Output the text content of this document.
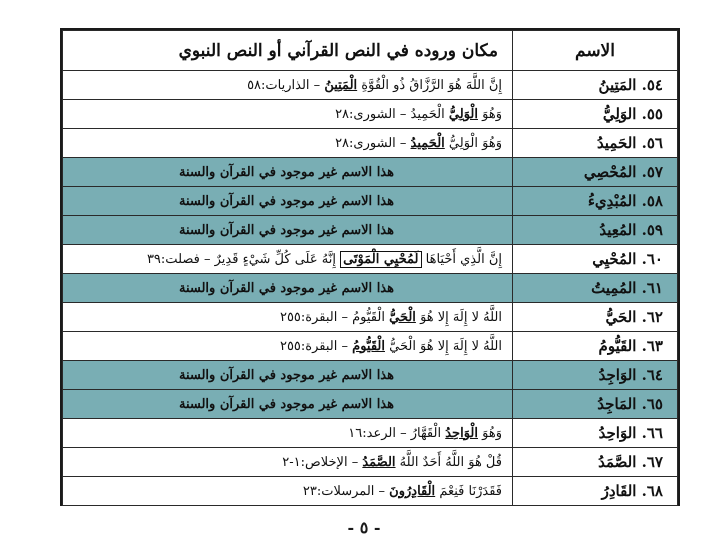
الاسم	مكان وروده في النص القرآني أو النص النبوي
٥٤. المَتِينُ	إِنَّ اللَّهَ هُوَ الرَّزَّاقُ ذُو الْقُوَّةِ الْمَتِينُ – الذاريات:٥٨
٥٥. الوَلِيُّ	وَهُوَ الْوَلِيُّ الْحَمِيدُ – الشورى:٢٨
٥٦. الحَمِيدُ	وَهُوَ الْوَلِيُّ الْحَمِيدُ – الشورى:٢٨
٥٧. المُحْصِي	هذا الاسم غير موجود في القرآن والسنة
٥٨. المُبْدِيءُ	هذا الاسم غير موجود في القرآن والسنة
٥٩. المُعِيدُ	هذا الاسم غير موجود في القرآن والسنة
٦٠. المُحْيِي	إِنَّ الَّذِي أَحْيَاهَا لَمُحْيِي الْمَوْتَى إِنَّهُ عَلَى كُلِّ شَيْءٍ قَدِيرٌ – فصلت:٣٩
٦١. المُمِيتُ	هذا الاسم غير موجود في القرآن والسنة
٦٢. الحَيُّ	اللَّهُ لا إِلَهَ إِلا هُوَ الْحَيُّ الْقَيُّومُ – البقرة:٢٥٥
٦٣. القَيُّومُ	اللَّهُ لا إِلَهَ إِلا هُوَ الْحَيُّ الْقَيُّومُ – البقرة:٢٥٥
٦٤. الوَاجِدُ	هذا الاسم غير موجود في القرآن والسنة
٦٥. المَاجِدُ	هذا الاسم غير موجود في القرآن والسنة
٦٦. الوَاحِدُ	وَهُوَ الْوَاحِدُ الْقَهَّارُ – الرعد:١٦
٦٧. الصَّمَدُ	قُلْ هُوَ اللَّهُ أَحَدٌ اللَّهُ الصَّمَدُ – الإخلاص:١-٢
٦٨. القَادِرُ	فَقَدَرْنَا فَنِعْمَ الْقَادِرُونَ – المرسلات:٢٣
- ٥ -
